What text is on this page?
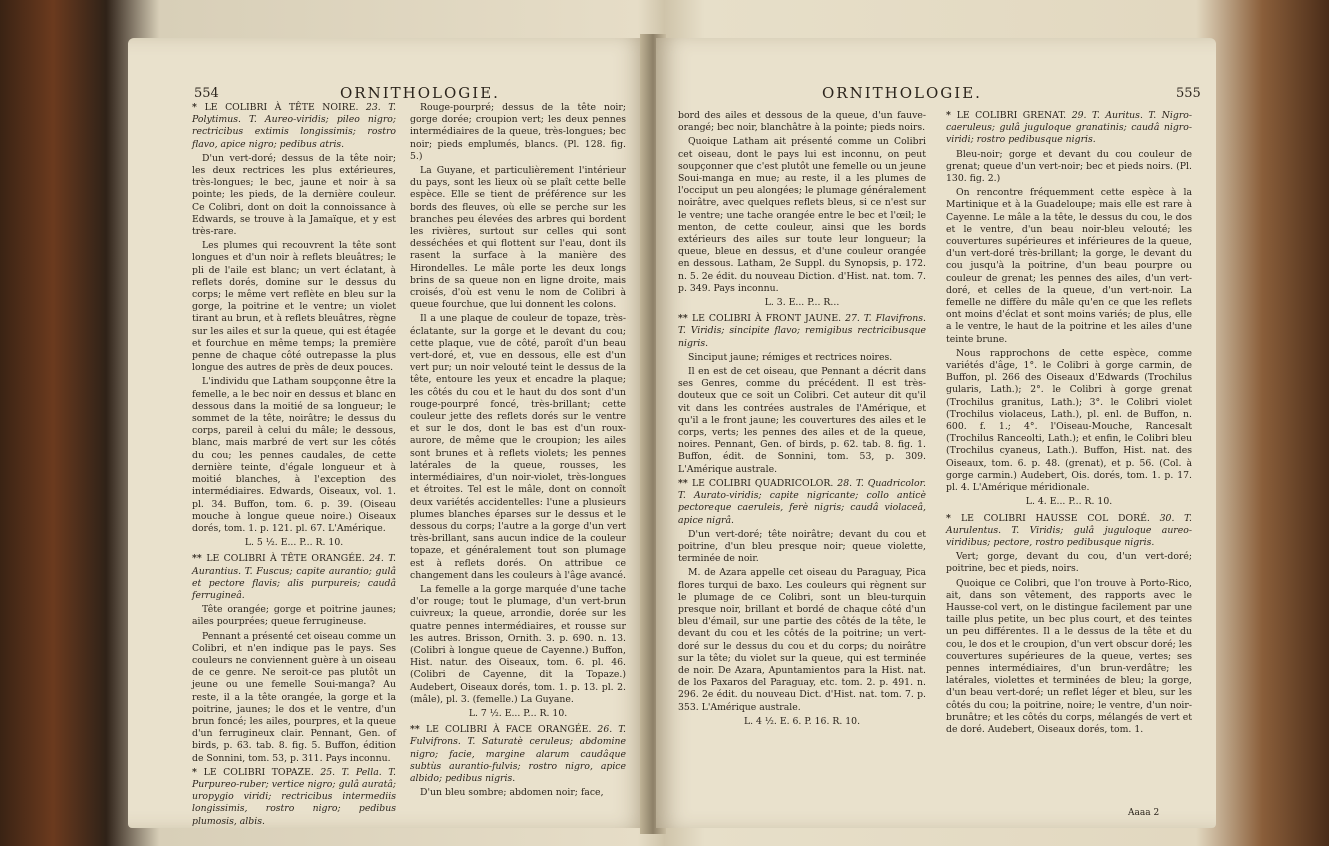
554	ORNITHOLOGIE.

* LE COLIBRI À TÊTE NOIRE. 23. T. Polytimus. T. Aureo-viridis; pileo nigro; rectricibus extimis longissimis; rostro flavo, apice nigro; pedibus atris.

D'un vert-doré; dessus de la tête noir; les deux rectrices les plus extérieures, très-longues; le bec, jaune et noir à sa pointe; les pieds, de la dernière couleur. Ce Colibri, dont on doit la connoissance à Edwards, se trouve à la Jamaïque, et y est très-rare.

Les plumes qui recouvrent la tête sont longues et d'un noir à reflets bleuâtres; le pli de l'aile est blanc; un vert éclatant, à reflets dorés, domine sur le dessus du corps; le même vert reflète en bleu sur la gorge, la poitrine et le ventre; un violet tirant au brun, et à reflets bleuâtres, règne sur les ailes et sur la queue, qui est étagée et fourchue en même temps; la première penne de chaque côté outrepasse la plus longue des autres de près de deux pouces.

L'individu que Latham soupçonne être la femelle, a le bec noir en dessus et blanc en dessous dans la moitié de sa longueur; le sommet de la tête, noirâtre; le dessus du corps, pareil à celui du mâle; le dessous, blanc, mais marbré de vert sur les côtés du cou; les pennes caudales, de cette dernière teinte, d'égale longueur et à moitié blanches, à l'exception des intermédiaires. Edwards, Oiseaux, vol. 1. pl. 34. Buffon, tom. 6. p. 39. (Oiseau mouche à longue queue noire.) Oiseaux dorés, tom. 1. p. 121. pl. 67. L'Amérique.

L. 5 ½. E... P... R. 10.

** LE COLIBRI À TÊTE ORANGÉE. 24. T. Aurantius. T. Fuscus; capite aurantio; gulâ et pectore flavis; alis purpureis; caudâ ferrugineâ.

Tête orangée; gorge et poitrine jaunes; ailes pourprées; queue ferrugineuse.

Pennant a présenté cet oiseau comme un Colibri, et n'en indique pas le pays. Ses couleurs ne conviennent guère à un oiseau de ce genre. Ne seroit-ce pas plutôt un jeune ou une femelle Soui-manga? Au reste, il a la tête orangée, la gorge et la poitrine, jaunes; le dos et le ventre, d'un brun foncé; les ailes, pourpres, et la queue d'un ferrugineux clair. Pennant, Gen. of birds, p. 63. tab. 8. fig. 5. Buffon, édition de Sonnini, tom. 53, p. 311. Pays inconnu.

* LE COLIBRI TOPAZE. 25. T. Pella. T. Purpureo-ruber; vertice nigro; gulâ auratâ; uropygio viridi; rectricibus intermediis longissimis, rostro nigro; pedibus plumosis, albis.

Rouge-pourpré; dessus de la tête noir; gorge dorée; croupion vert; les deux pennes intermédiaires de la queue, très-longues; bec noir; pieds emplumés, blancs. (Pl. 128. fig. 5.)

La Guyane, et particulièrement l'intérieur du pays, sont les lieux où se plaît cette belle espèce. Elle se tient de préférence sur les bords des fleuves, où elle se perche sur les branches peu élevées des arbres qui bordent les rivières, surtout sur celles qui sont desséchées et qui flottent sur l'eau, dont ils rasent la surface à la manière des Hirondelles. Le mâle porte les deux longs brins de sa queue non en ligne droite, mais croisés, d'où est venu le nom de Colibri à queue fourchue, que lui donnent les colons.

Il a une plaque de couleur de topaze, très-éclatante, sur la gorge et le devant du cou; cette plaque, vue de côté, paroît d'un beau vert-doré, et, vue en dessous, elle est d'un vert pur; un noir velouté teint le dessus de la tête, entoure les yeux et encadre la plaque; les côtés du cou et le haut du dos sont d'un rouge-pourpré foncé, très-brillant; cette couleur jette des reflets dorés sur le ventre et sur le dos, dont le bas est d'un roux-aurore, de même que le croupion; les ailes sont brunes et à reflets violets; les pennes latérales de la queue, rousses, les intermédiaires, d'un noir-violet, très-longues et étroites. Tel est le mâle, dont on connoît deux variétés accidentelles: l'une a plusieurs plumes blanches éparses sur le dessus et le dessous du corps; l'autre a la gorge d'un vert très-brillant, sans aucun indice de la couleur topaze, et généralement tout son plumage est à reflets dorés. On attribue ce changement dans les couleurs à l'âge avancé.

La femelle a la gorge marquée d'une tache d'or rouge; tout le plumage, d'un vert-brun cuivreux; la queue, arrondie, dorée sur les quatre pennes intermédiaires, et rousse sur les autres. Brisson, Ornith. 3. p. 690. n. 13. (Colibri à longue queue de Cayenne.) Buffon, Hist. natur. des Oiseaux, tom. 6. pl. 46. (Colibri de Cayenne, dit la Topaze.) Audebert, Oiseaux dorés, tom. 1. p. 13. pl. 2. (mâle), pl. 3. (femelle.) La Guyane.

L. 7 ½. E... P... R. 10.

** LE COLIBRI À FACE ORANGÉE. 26. T. Fulvifrons. T. Saturatè ceruleus; abdomine nigro; facie, margine alarum caudâque subtùs aurantio-fulvis; rostro nigro, apice albido; pedibus nigris.

D'un bleu sombre; abdomen noir; face,

ORNITHOLOGIE.	555

bord des ailes et dessous de la queue, d'un fauve-orangé; bec noir, blanchâtre à la pointe; pieds noirs.

Quoique Latham ait présenté comme un Colibri cet oiseau, dont le pays lui est inconnu, on peut soupçonner que c'est plutôt une femelle ou un jeune Soui-manga en mue; au reste, il a les plumes de l'occiput un peu alongées; le plumage généralement noirâtre, avec quelques reflets bleus, si ce n'est sur le ventre; une tache orangée entre le bec et l'œil; le menton, de cette couleur, ainsi que les bords extérieurs des ailes sur toute leur longueur; la queue, bleue en dessus, et d'une couleur orangée en dessous. Latham, 2e Suppl. du Synopsis, p. 172. n. 5. 2e édit. du nouveau Diction. d'Hist. nat. tom. 7. p. 349. Pays inconnu.

L. 3. E... P... R...

** LE COLIBRI À FRONT JAUNE. 27. T. Flavifrons. T. Viridis; sincipite flavo; remigibus rectricibusque nigris.

Sinciput jaune; rémiges et rectrices noires.

Il en est de cet oiseau, que Pennant a décrit dans ses Genres, comme du précédent. Il est très-douteux que ce soit un Colibri. Cet auteur dit qu'il vit dans les contrées australes de l'Amérique, et qu'il a le front jaune; les couvertures des ailes et le corps, verts; les pennes des ailes et de la queue, noires. Pennant, Gen. of birds, p. 62. tab. 8. fig. 1. Buffon, édit. de Sonnini, tom. 53, p. 309. L'Amérique australe.

** LE COLIBRI QUADRICOLOR. 28. T. Quadricolor. T. Aurato-viridis; capite nigricante; collo anticè pectoreque caeruleis, ferè nigris; caudâ violaceâ, apice nigrâ.

D'un vert-doré; tête noirâtre; devant du cou et poitrine, d'un bleu presque noir; queue violette, terminée de noir.

M. de Azara appelle cet oiseau du Paraguay, Pica flores turqui de baxo. Les couleurs qui règnent sur le plumage de ce Colibri, sont un bleu-turquin presque noir, brillant et bordé de chaque côté d'un bleu d'émail, sur une partie des côtés de la tête, le devant du cou et les côtés de la poitrine; un vert-doré sur le dessus du cou et du corps; du noirâtre sur la tête; du violet sur la queue, qui est terminée de noir. De Azara, Apuntamientos para la Hist. nat. de los Paxaros del Paraguay, etc. tom. 2. p. 491. n. 296. 2e édit. du nouveau Dict. d'Hist. nat. tom. 7. p. 353. L'Amérique australe.

L. 4 ½. E. 6. P. 16. R. 10.

* LE COLIBRI GRENAT. 29. T. Auritus. T. Nigro-caeruleus; gulâ juguloque granatinis; caudâ nigro-viridi; rostro pedibusque nigris.

Bleu-noir; gorge et devant du cou couleur de grenat; queue d'un vert-noir; bec et pieds noirs. (Pl. 130. fig. 2.)

On rencontre fréquemment cette espèce à la Martinique et à la Guadeloupe; mais elle est rare à Cayenne. Le mâle a la tête, le dessus du cou, le dos et le ventre, d'un beau noir-bleu velouté; les couvertures supérieures et inférieures de la queue, d'un vert-doré très-brillant; la gorge, le devant du cou jusqu'à la poitrine, d'un beau pourpre ou couleur de grenat; les pennes des ailes, d'un vert-doré, et celles de la queue, d'un vert-noir. La femelle ne diffère du mâle qu'en ce que les reflets ont moins d'éclat et sont moins variés; de plus, elle a le ventre, le haut de la poitrine et les ailes d'une teinte brune.

Nous rapprochons de cette espèce, comme variétés d'âge, 1°. le Colibri à gorge carmin, de Buffon, pl. 266 des Oiseaux d'Edwards (Trochilus gularis, Lath.); 2°. le Colibri à gorge grenat (Trochilus granitus, Lath.); 3°. le Colibri violet (Trochilus violaceus, Lath.), pl. enl. de Buffon, n. 600. f. 1.; 4°. l'Oiseau-Mouche, Rancesalt (Trochilus Ranceolti, Lath.); et enfin, le Colibri bleu (Trochilus cyaneus, Lath.). Buffon, Hist. nat. des Oiseaux, tom. 6. p. 48. (grenat), et p. 56. (Col. à gorge carmin.) Audebert, Ois. dorés, tom. 1. p. 17. pl. 4. L'Amérique méridionale.

L. 4. E... P... R. 10.

* LE COLIBRI HAUSSE COL DORÉ. 30. T. Aurulentus. T. Viridis; gulâ juguloque aureo-viridibus; pectore, rostro pedibusque nigris.

Vert; gorge, devant du cou, d'un vert-doré; poitrine, bec et pieds, noirs.

Quoique ce Colibri, que l'on trouve à Porto-Rico, ait, dans son vêtement, des rapports avec le Hausse-col vert, on le distingue facilement par une taille plus petite, un bec plus court, et des teintes un peu différentes. Il a le dessus de la tête et du cou, le dos et le croupion, d'un vert obscur doré; les couvertures supérieures de la queue, vertes; ses pennes intermédiaires, d'un brun-verdâtre; les latérales, violettes et terminées de bleu; la gorge, d'un beau vert-doré; un reflet léger et bleu, sur les côtés du cou; la poitrine, noire; le ventre, d'un noir-brunâtre; et les côtés du corps, mélangés de vert et de doré. Audebert, Oiseaux dorés, tom. 1.

Aaaa 2
